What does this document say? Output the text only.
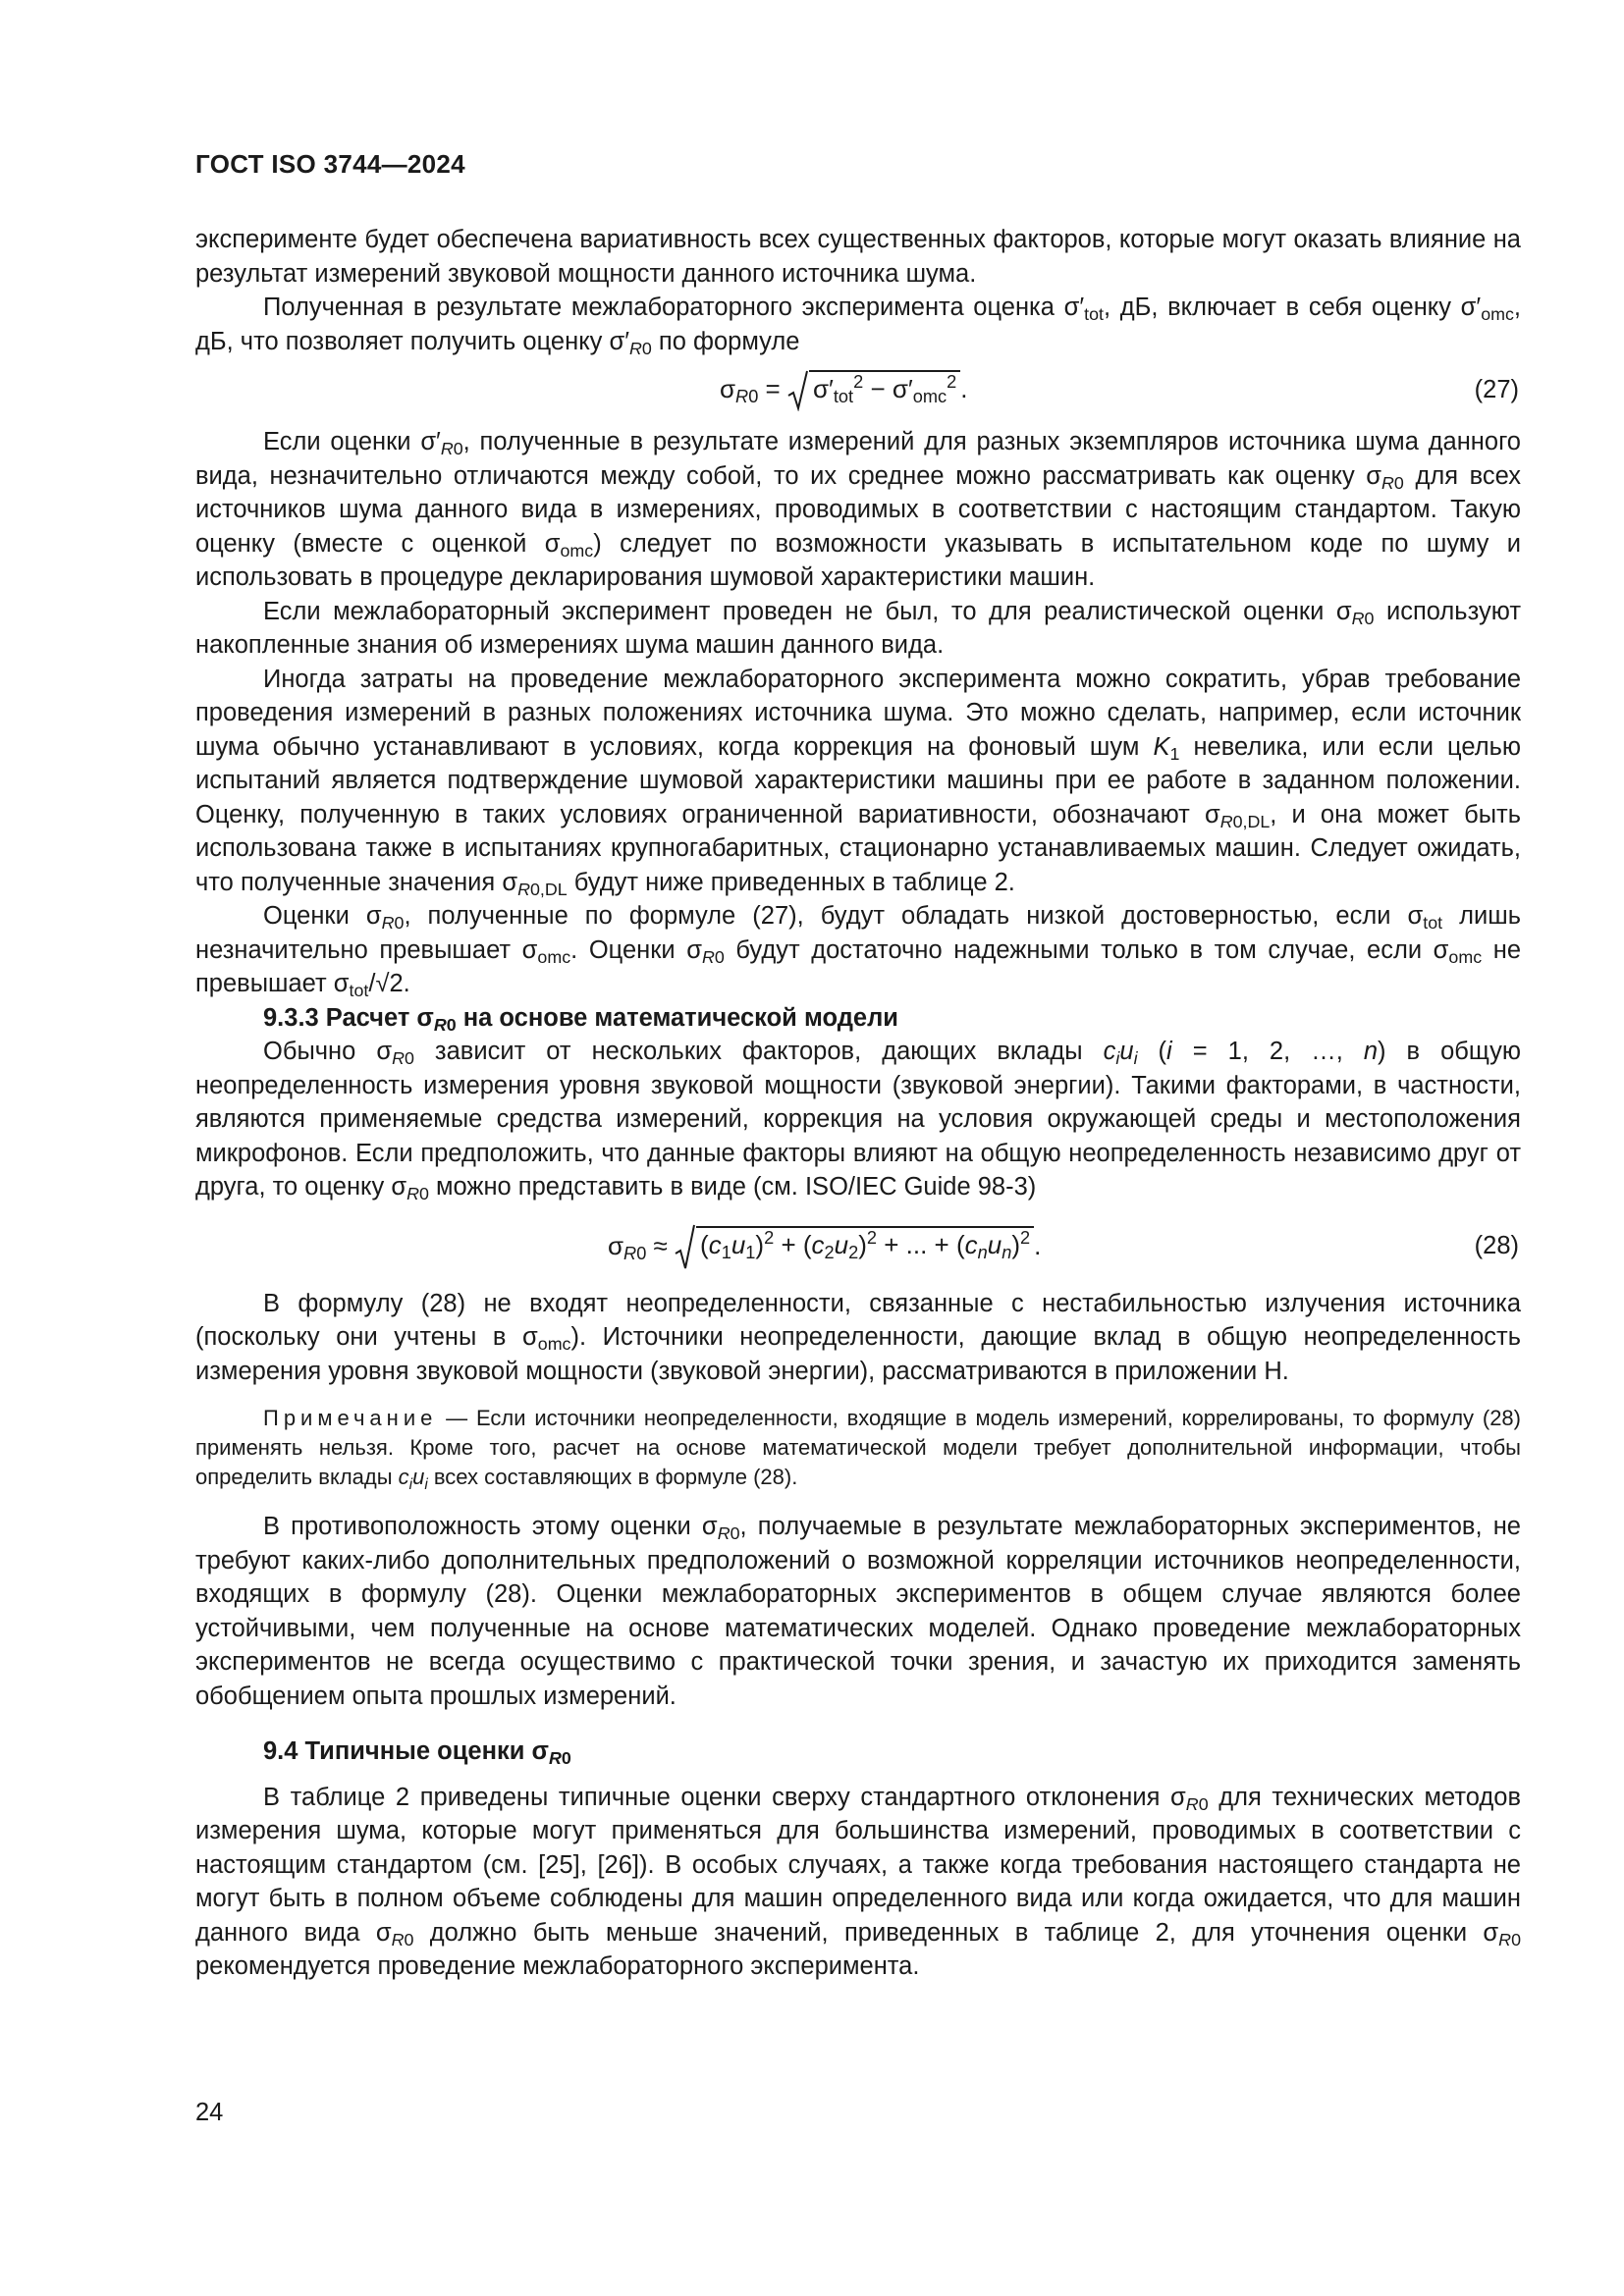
ГОСТ ISO 3744—2024

эксперименте будет обеспечена вариативность всех существенных факторов, которые могут оказать влияние на результат измерений звуковой мощности данного источника шума.

Полученная в результате межлабораторного эксперимента оценка $\sigma'_{tot}$, дБ, включает в себя оценку $\sigma'_{omc}$, дБ, что позволяет получить оценку $\sigma'_{R0}$ по формуле

$\sigma_{R0} = \sigma'_{tot}^2 - \sigma'_{omc}^2$ .	(27)

Если оценки $\sigma'_{R0}$, полученные в результате измерений для разных экземпляров источника шума данного вида, незначительно отличаются между собой, то их среднее можно рассматривать как оценку $\sigma_{R0}$ для всех источников шума данного вида в измерениях, проводимых в соответствии с настоящим стандартом. Такую оценку (вместе с оценкой $\sigma_{omc}$) следует по возможности указывать в испытательном коде по шуму и использовать в процедуре декларирования шумовой характеристики машин.

Если межлабораторный эксперимент проведен не был, то для реалистической оценки $\sigma_{R0}$ используют накопленные знания об измерениях шума машин данного вида.

Иногда затраты на проведение межлабораторного эксперимента можно сократить, убрав требование проведения измерений в разных положениях источника шума. Это можно сделать, например, если источник шума обычно устанавливают в условиях, когда коррекция на фоновый шум $K_1$ невелика, или если целью испытаний является подтверждение шумовой характеристики машины при ее работе в заданном положении. Оценку, полученную в таких условиях ограниченной вариативности, обозначают $\sigma_{R0,DL}$, и она может быть использована также в испытаниях крупногабаритных, стационарно устанавливаемых машин. Следует ожидать, что полученные значения $\sigma_{R0,DL}$ будут ниже приведенных в таблице 2.

Оценки $\sigma_{R0}$, полученные по формуле (27), будут обладать низкой достоверностью, если $\sigma_{tot}$ лишь незначительно превышает $\sigma_{omc}$. Оценки $\sigma_{R0}$ будут достаточно надежными только в том случае, если $\sigma_{omc}$ не превышает $\sigma_{tot}/√2$.

9.3.3 Расчет $\sigma_{R0}$ на основе математической модели

Обычно $\sigma_{R0}$ зависит от нескольких факторов, дающих вклады $c_iu_i$ (i = 1, 2, …, n) в общую неопределенность измерения уровня звуковой мощности (звуковой энергии). Такими факторами, в частности, являются применяемые средства измерений, коррекция на условия окружающей среды и местоположения микрофонов. Если предположить, что данные факторы влияют на общую неопределенность независимо друг от друга, то оценку $\sigma_{R0}$ можно представить в виде (см. ISO/IEC Guide 98-3)

$\sigma_{R0} \approx (c_1u_1)^2 + (c_2u_2)^2$ + ... + $(c_nu_n)^2$ .	(28)

В формулу (28) не входят неопределенности, связанные с нестабильностью излучения источника (поскольку они учтены в $\sigma_{omc}$). Источники неопределенности, дающие вклад в общую неопределенность измерения уровня звуковой мощности (звуковой энергии), рассматриваются в приложении Н.

Примечание — Если источники неопределенности, входящие в модель измерений, коррелированы, то формулу (28) применять нельзя. Кроме того, расчет на основе математической модели требует дополнительной информации, чтобы определить вклады $c_iu_i$ всех составляющих в формуле (28).

В противоположность этому оценки $\sigma_{R0}$, получаемые в результате межлабораторных экспериментов, не требуют каких-либо дополнительных предположений о возможной корреляции источников неопределенности, входящих в формулу (28). Оценки межлабораторных экспериментов в общем случае являются более устойчивыми, чем полученные на основе математических моделей. Однако проведение межлабораторных экспериментов не всегда осуществимо с практической точки зрения, и зачастую их приходится заменять обобщением опыта прошлых измерений.

9.4 Типичные оценки $\sigma_{R0}$

В таблице 2 приведены типичные оценки сверху стандартного отклонения $\sigma_{R0}$ для технических методов измерения шума, которые могут применяться для большинства измерений, проводимых в соответствии с настоящим стандартом (см. [25], [26]). В особых случаях, а также когда требования настоящего стандарта не могут быть в полном объеме соблюдены для машин определенного вида или когда ожидается, что для машин данного вида $\sigma_{R0}$ должно быть меньше значений, приведенных в таблице 2, для уточнения оценки $\sigma_{R0}$ рекомендуется проведение межлабораторного эксперимента.

24
